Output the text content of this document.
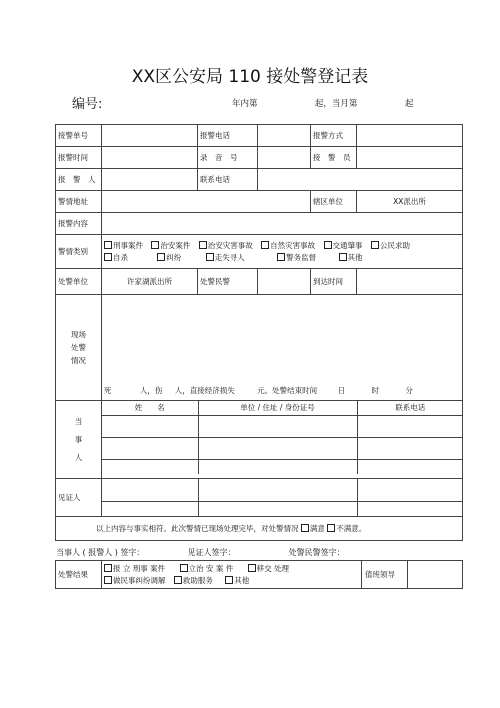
XX区公安局 110 接处警登记表
编号:	年内第	起，当月第	起
接警单号		报警电话		报警方式	
报警时间		录　音　号		接　警　员	
报　警　人		联系电话	
警情地址		辖区单位	XX派出所
报警内容	
警情类别	
刑事案件 治安案件 治安灾害事故 自然灾害事故 交通肇事 公民求助
自杀	纠纷	走失寻人	警务监督	其他

处警单位	许家湖派出所	处警民警		到达时间	

现场
处警
情况

死	人，伤 人，直接经济损失	元。处警结束时间	日	时	分

当
事
人

姓　　名	单位 / 住址 / 身份证号	联系电话

见证人	

以上内容与事实相符。此次警情已现场处理完毕，对处警情况 满意 不满意。
当事人 ( 报警人 ) 签字：	见证人签字：	处警民警签字：
处警结果	
报 立 刑事 案件	立治 安 案 件	移交 处理
做民事纠纷调解 救助服务	其他

值班领导
